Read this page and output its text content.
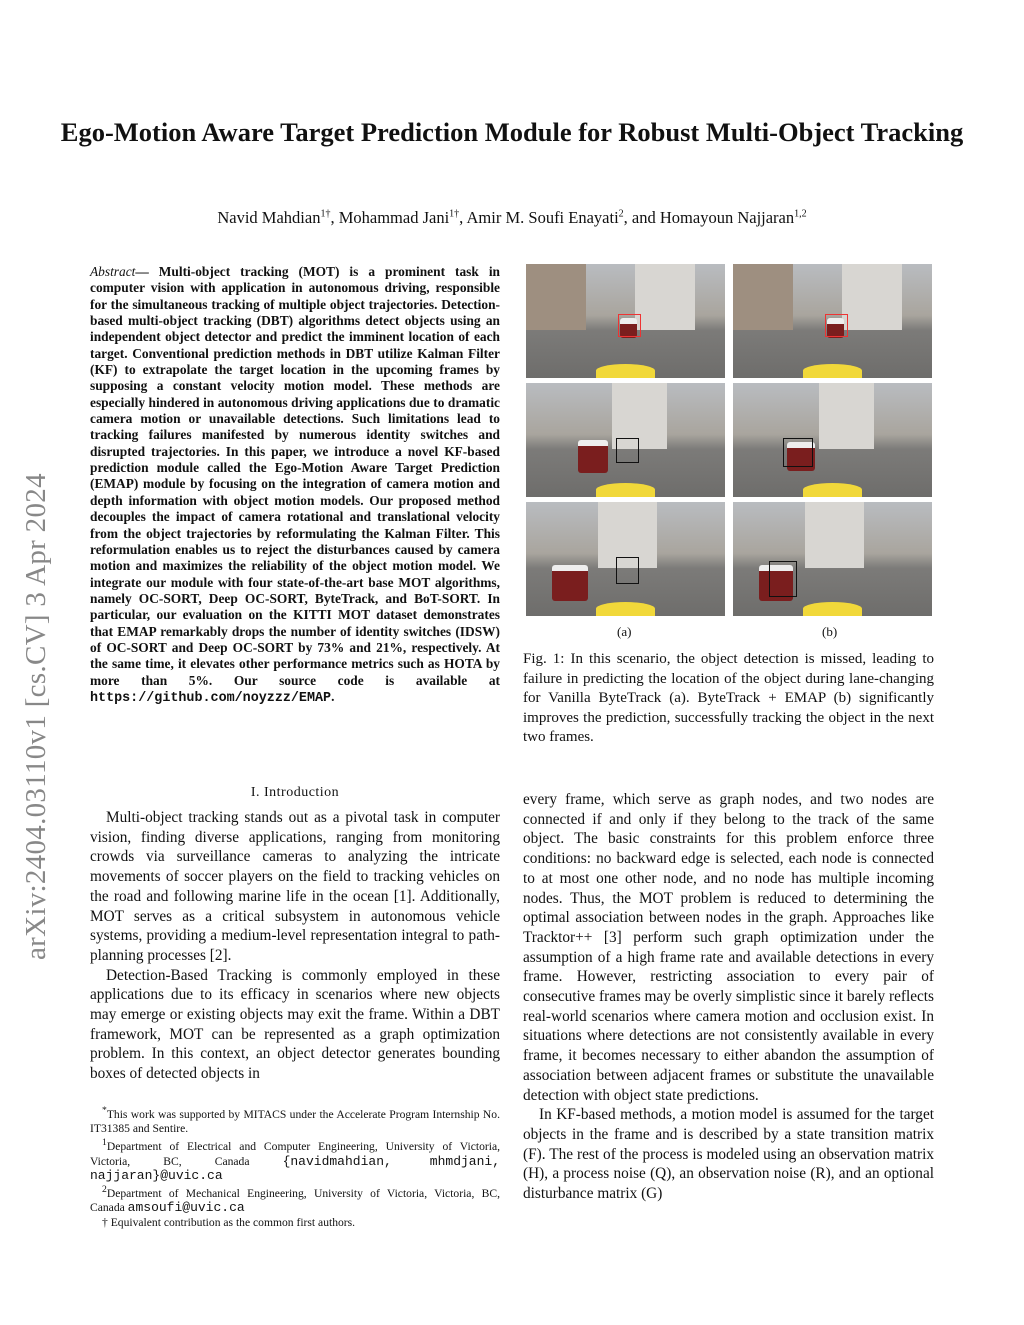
arXiv:2404.03110v1 [cs.CV] 3 Apr 2024
Ego-Motion Aware Target Prediction Module for Robust Multi-Object Tracking
Navid Mahdian$^{1\dagger}$, Mohammad Jani$^{1\dagger}$, Amir M. Soufi Enayati$^2$, and Homayoun Najjaran$^{1,2}$
Abstract— Multi-object tracking (MOT) is a prominent task in computer vision with application in autonomous driving, responsible for the simultaneous tracking of multiple object trajectories. Detection-based multi-object tracking (DBT) algorithms detect objects using an independent object detector and predict the imminent location of each target. Conventional prediction methods in DBT utilize Kalman Filter (KF) to extrapolate the target location in the upcoming frames by supposing a constant velocity motion model. These methods are especially hindered in autonomous driving applications due to dramatic camera motion or unavailable detections. Such limitations lead to tracking failures manifested by numerous identity switches and disrupted trajectories. In this paper, we introduce a novel KF-based prediction module called the Ego-Motion Aware Target Prediction (EMAP) module by focusing on the integration of camera motion and depth information with object motion models. Our proposed method decouples the impact of camera rotational and translational velocity from the object trajectories by reformulating the Kalman Filter. This reformulation enables us to reject the disturbances caused by camera motion and maximizes the reliability of the object motion model. We integrate our module with four state-of-the-art base MOT algorithms, namely OC-SORT, Deep OC-SORT, ByteTrack, and BoT-SORT. In particular, our evaluation on the KITTI MOT dataset demonstrates that EMAP remarkably drops the number of identity switches (IDSW) of OC-SORT and Deep OC-SORT by 73% and 21%, respectively. At the same time, it elevates other performance metrics such as HOTA by more than 5%. Our source code is available at https://github.com/noyzzz/EMAP.
I. Introduction

Multi-object tracking stands out as a pivotal task in computer vision, finding diverse applications, ranging from monitoring crowds via surveillance cameras to analyzing the intricate movements of soccer players on the field to tracking vehicles on the road and following marine life in the ocean [1]. Additionally, MOT serves as a critical subsystem in autonomous vehicle systems, providing a medium-level representation integral to path-planning processes [2].

Detection-Based Tracking is commonly employed in these applications due to its efficacy in scenarios where new objects may emerge or existing objects may exit the frame. Within a DBT framework, MOT can be represented as a graph optimization problem. In this context, an object detector generates bounding boxes of detected objects in

*This work was supported by MITACS under the Accelerate Program Internship No. IT31385 and Sentire.

$^1$Department of Electrical and Computer Engineering, University of Victoria, Victoria, BC, Canada {navidmahdian, mhmdjani, najjaran}@uvic.ca

$^2$Department of Mechanical Engineering, University of Victoria, Victoria, BC, Canada amsoufi@uvic.ca

† Equivalent contribution as the common first authors.

(a)	(b)
Fig. 1: In this scenario, the object detection is missed, leading to failure in predicting the location of the object during lane-changing for Vanilla ByteTrack (a). ByteTrack + EMAP (b) significantly improves the prediction, successfully tracking the object in the next two frames.

every frame, which serve as graph nodes, and two nodes are connected if and only if they belong to the track of the same object. The basic constraints for this problem enforce three conditions: no backward edge is selected, each node is connected to at most one other node, and no node has multiple incoming nodes. Thus, the MOT problem is reduced to determining the optimal association between nodes in the graph. Approaches like Tracktor++ [3] perform such graph optimization under the assumption of a high frame rate and available detections in every frame. However, restricting association to every pair of consecutive frames may be overly simplistic since it barely reflects real-world scenarios where camera motion and occlusion exist. In situations where detections are not consistently available in every frame, it becomes necessary to either abandon the assumption of association between adjacent frames or substitute the unavailable detection with object state predictions.

In KF-based methods, a motion model is assumed for the target objects in the frame and is described by a state transition matrix (F). The rest of the process is modeled using an observation matrix (H), a process noise (Q), an observation noise (R), and an optional disturbance matrix (G)
